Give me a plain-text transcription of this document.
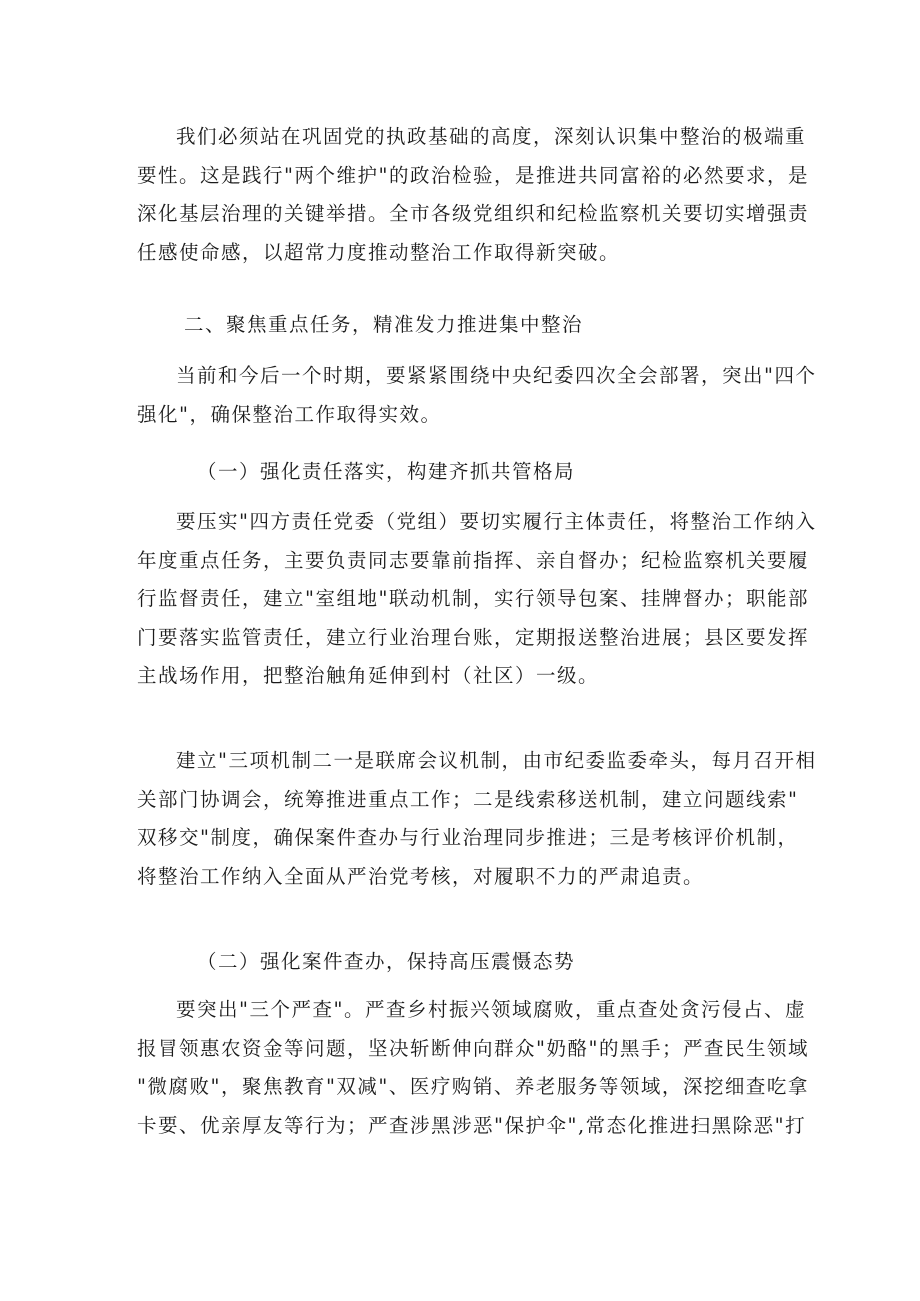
我们必须站在巩固党的执政基础的高度，深刻认识集中整治的极端重
要性。这是践行"两个维护"的政治检验，是推进共同富裕的必然要求，是
深化基层治理的关键举措。全市各级党组织和纪检监察机关要切实增强责
任感使命感，以超常力度推动整治工作取得新突破。

二、聚焦重点任务，精准发力推进集中整治

当前和今后一个时期，要紧紧围绕中央纪委四次全会部署，突出"四个
强化"，确保整治工作取得实效。

（一）强化责任落实，构建齐抓共管格局

要压实"四方责任党委（党组）要切实履行主体责任，将整治工作纳入
年度重点任务，主要负责同志要靠前指挥、亲自督办；纪检监察机关要履
行监督责任，建立"室组地"联动机制，实行领导包案、挂牌督办；职能部
门要落实监管责任，建立行业治理台账，定期报送整治进展；县区要发挥
主战场作用，把整治触角延伸到村（社区）一级。

建立"三项机制二一是联席会议机制，由市纪委监委牵头，每月召开相
关部门协调会，统筹推进重点工作；二是线索移送机制，建立问题线索"
双移交"制度，确保案件查办与行业治理同步推进；三是考核评价机制，
将整治工作纳入全面从严治党考核，对履职不力的严肃追责。

（二）强化案件查办，保持高压震慑态势

要突出"三个严查"。严查乡村振兴领域腐败，重点查处贪污侵占、虚
报冒领惠农资金等问题，坚决斩断伸向群众"奶酪"的黑手；严查民生领域
"微腐败"，聚焦教育"双减"、医疗购销、养老服务等领域，深挖细查吃拿
卡要、优亲厚友等行为；严查涉黑涉恶"保护伞",常态化推进扫黑除恶"打
